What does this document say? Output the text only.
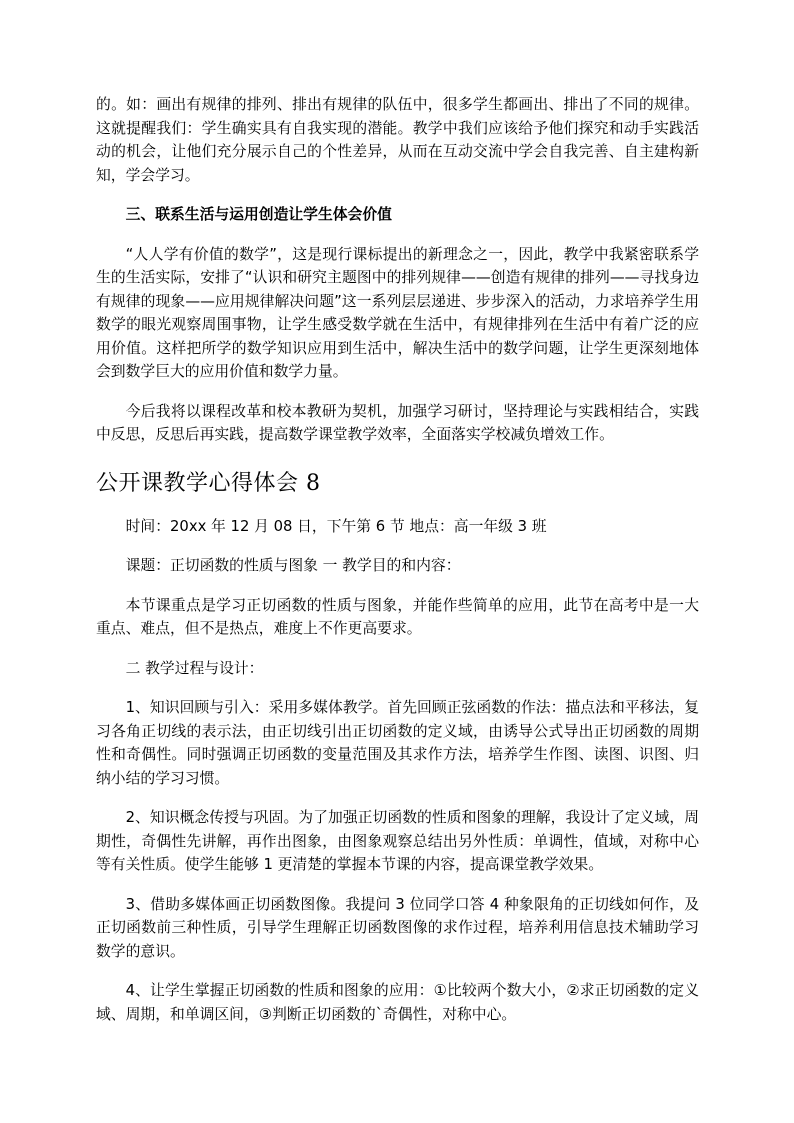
的。如：画出有规律的排列、排出有规律的队伍中，很多学生都画出、排出了不同的规律。这就提醒我们：学生确实具有自我实现的潜能。教学中我们应该给予他们探究和动手实践活动的机会，让他们充分展示自己的个性差异，从而在互动交流中学会自我完善、自主建构新知，学会学习。

三、联系生活与运用创造让学生体会价值

“人人学有价值的数学”，这是现行课标提出的新理念之一，因此，教学中我紧密联系学生的生活实际，安排了“认识和研究主题图中的排列规律——创造有规律的排列——寻找身边有规律的现象——应用规律解决问题”这一系列层层递进、步步深入的活动，力求培养学生用数学的眼光观察周围事物，让学生感受数学就在生活中，有规律排列在生活中有着广泛的应用价值。这样把所学的数学知识应用到生活中，解决生活中的数学问题，让学生更深刻地体会到数学巨大的应用价值和数学力量。

今后我将以课程改革和校本教研为契机，加强学习研讨，坚持理论与实践相结合，实践中反思，反思后再实践，提高数学课堂教学效率，全面落实学校减负增效工作。

公开课教学心得体会 8

时间：20xx 年 12 月 08 日，下午第 6 节 地点：高一年级 3 班

课题：正切函数的性质与图象 一 教学目的和内容：

本节课重点是学习正切函数的性质与图象，并能作些简单的应用，此节在高考中是一大重点、难点，但不是热点，难度上不作更高要求。

二 教学过程与设计：

1、知识回顾与引入：采用多媒体教学。首先回顾正弦函数的作法：描点法和平移法，复习各角正切线的表示法，由正切线引出正切函数的定义域，由诱导公式导出正切函数的周期性和奇偶性。同时强调正切函数的变量范围及其求作方法，培养学生作图、读图、识图、归纳小结的学习习惯。

2、知识概念传授与巩固。为了加强正切函数的性质和图象的理解，我设计了定义域，周期性，奇偶性先讲解，再作出图象，由图象观察总结出另外性质：单调性，值域，对称中心等有关性质。使学生能够 1 更清楚的掌握本节课的内容，提高课堂教学效果。

3、借助多媒体画正切函数图像。我提问 3 位同学口答 4 种象限角的正切线如何作，及正切函数前三种性质，引导学生理解正切函数图像的求作过程，培养利用信息技术辅助学习数学的意识。

4、让学生掌握正切函数的性质和图象的应用：①比较两个数大小，②求正切函数的定义域、周期，和单调区间，③判断正切函数的`奇偶性，对称中心。
